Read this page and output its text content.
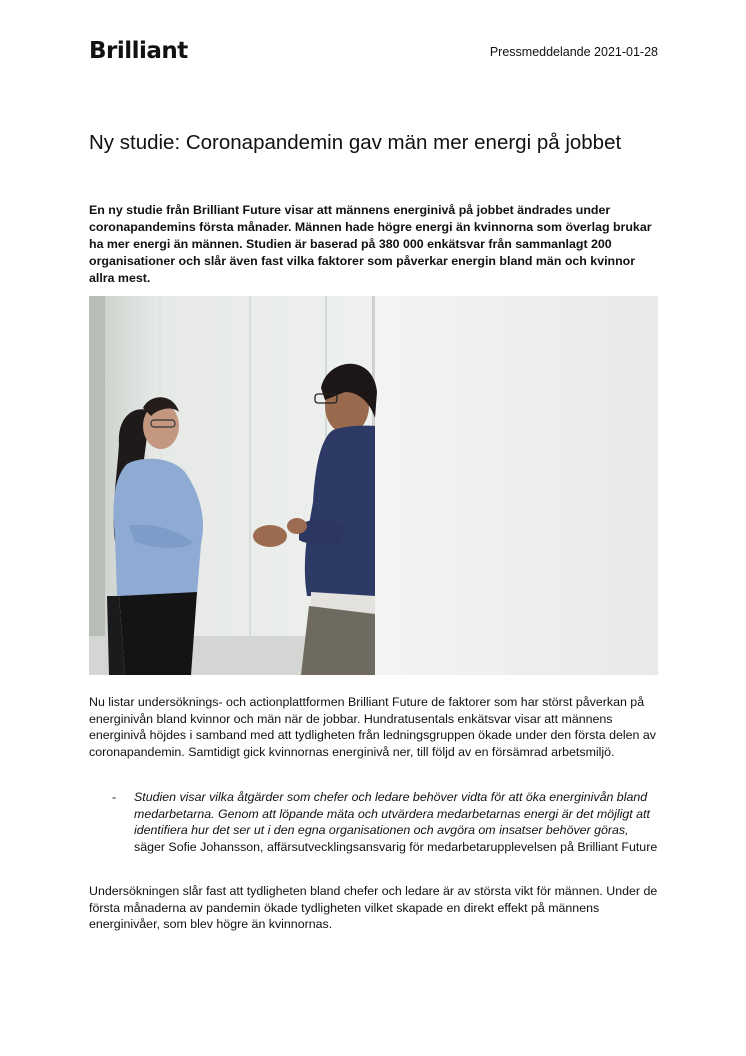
Brilliant	Pressmeddelande 2021-01-28
Ny studie: Coronapandemin gav män mer energi på jobbet

En ny studie från Brilliant Future visar att männens energinivå på jobbet ändrades under coronapandemins första månader. Männen hade högre energi än kvinnorna som överlag brukar ha mer energi än männen. Studien är baserad på 380 000 enkätsvar från sammanlagt 200 organisationer och slår även fast vilka faktorer som påverkar energin bland män och kvinnor allra mest.

Nu listar undersöknings- och actionplattformen Brilliant Future de faktorer som har störst påverkan på energinivån bland kvinnor och män när de jobbar. Hundratusentals enkätsvar visar att männens energinivå höjdes i samband med att tydligheten från ledningsgruppen ökade under den första delen av coronapandemin. Samtidigt gick kvinnornas energinivå ner, till följd av en försämrad arbetsmiljö.

- Studien visar vilka åtgärder som chefer och ledare behöver vidta för att öka energinivån bland medarbetarna. Genom att löpande mäta och utvärdera medarbetarnas energi är det möjligt att identifiera hur det ser ut i den egna organisationen och avgöra om insatser behöver göras, säger Sofie Johansson, affärsutvecklingsansvarig för medarbetarupplevelsen på Brilliant Future

Undersökningen slår fast att tydligheten bland chefer och ledare är av största vikt för männen. Under de första månaderna av pandemin ökade tydligheten vilket skapade en direkt effekt på männens energinivåer, som blev högre än kvinnornas.
